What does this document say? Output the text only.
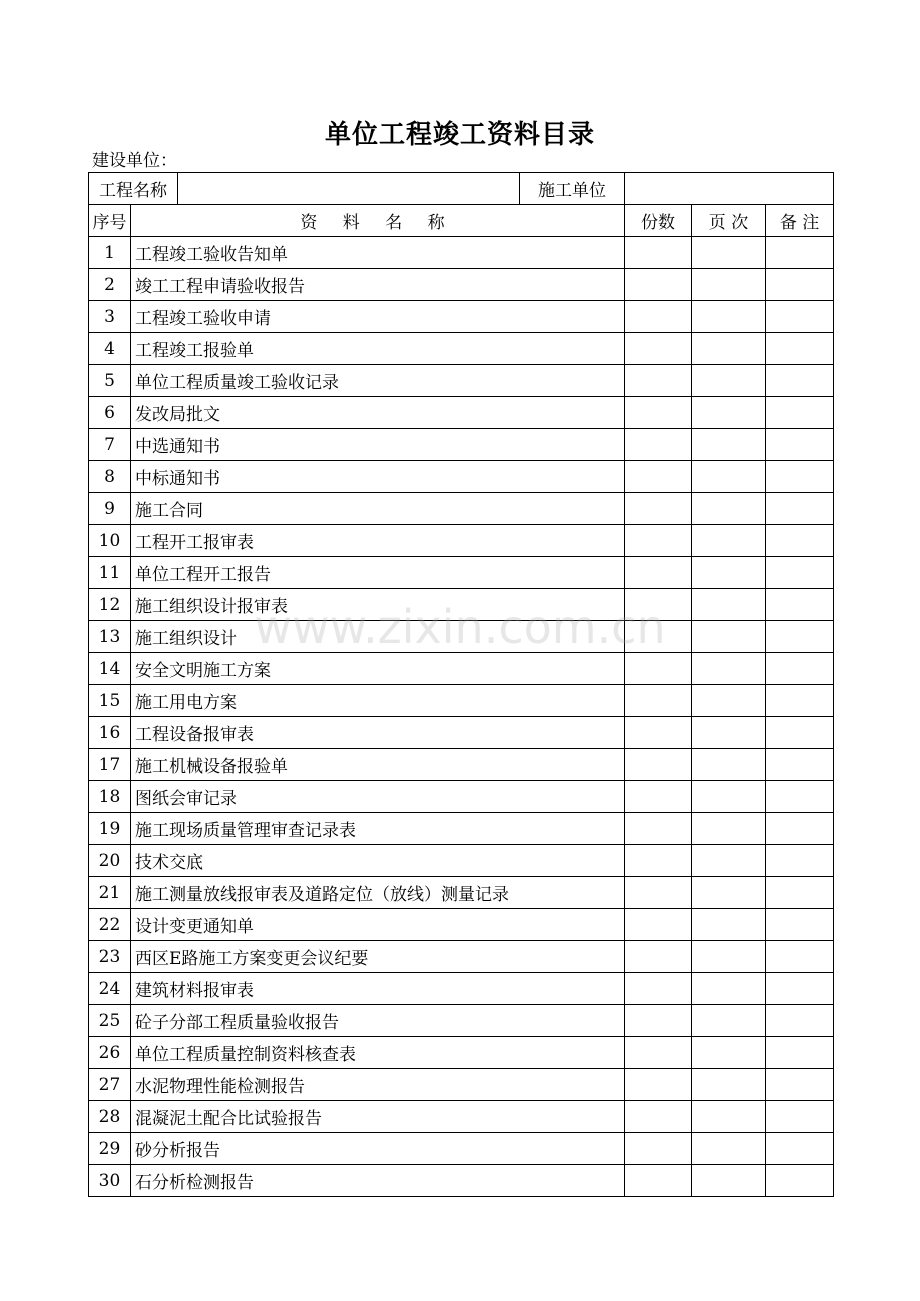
单位工程竣工资料目录
建设单位：
工程名称			施工单位			
序号	资 料 名 称			份数	页 次	备 注
1	工程竣工验收告知单					
2	竣工工程申请验收报告					
3	工程竣工验收申请					
4	工程竣工报验单					
5	单位工程质量竣工验收记录					
6	发改局批文					
7	中选通知书					
8	中标通知书					
9	施工合同					
10	工程开工报审表					
11	单位工程开工报告					
12	施工组织设计报审表					
13	施工组织设计					
14	安全文明施工方案					
15	施工用电方案					
16	工程设备报审表					
17	施工机械设备报验单					
18	图纸会审记录					
19	施工现场质量管理审查记录表					
20	技术交底					
21	施工测量放线报审表及道路定位（放线）测量记录					
22	设计变更通知单					
23	西区E路施工方案变更会议纪要					
24	建筑材料报审表					
25	砼子分部工程质量验收报告					
26	单位工程质量控制资料核查表					
27	水泥物理性能检测报告					
28	混凝泥土配合比试验报告					
29	砂分析报告					
30	石分析检测报告					
www.zixin.com.cn
